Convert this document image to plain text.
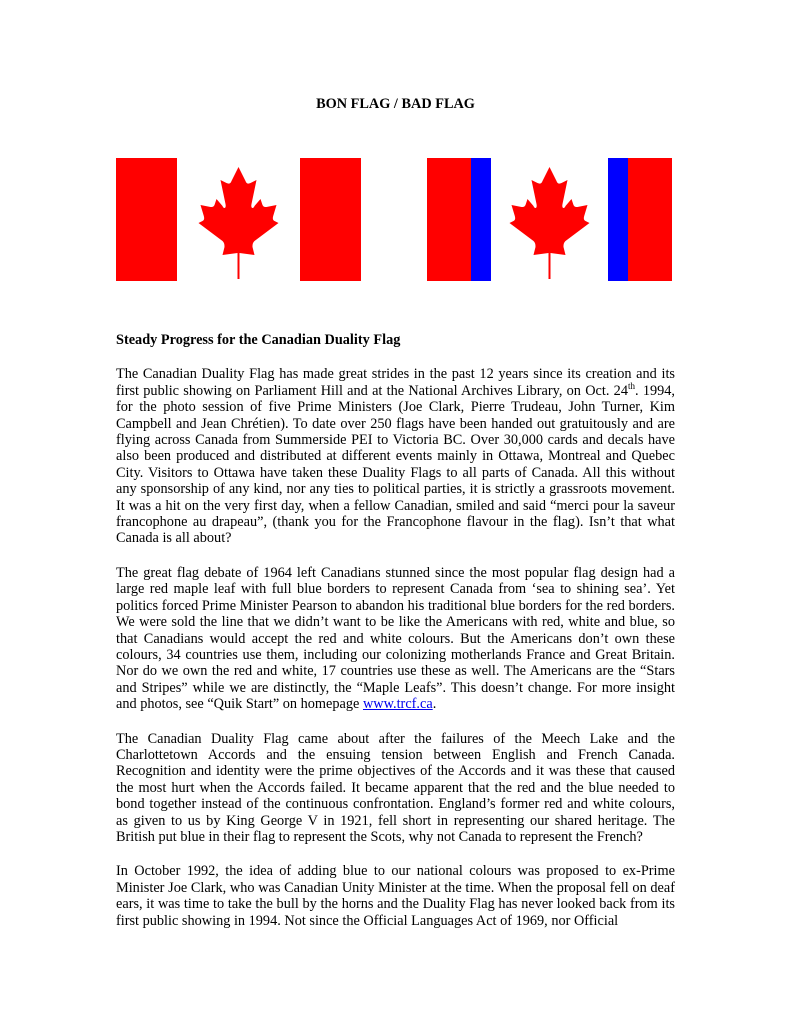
BON FLAG / BAD FLAG

Steady Progress for the Canadian Duality Flag

The Canadian Duality Flag has made great strides in the past 12 years since its creation and its first public showing on Parliament Hill and at the National Archives Library, on Oct. 24th. 1994, for the photo session of five Prime Ministers (Joe Clark, Pierre Trudeau, John Turner, Kim Campbell and Jean Chrétien). To date over 250 flags have been handed out gratuitously and are flying across Canada from Summerside PEI to Victoria BC. Over 30,000 cards and decals have also been produced and distributed at different events mainly in Ottawa, Montreal and Quebec City. Visitors to Ottawa have taken these Duality Flags to all parts of Canada. All this without any sponsorship of any kind, nor any ties to political parties, it is strictly a grassroots movement. It was a hit on the very first day, when a fellow Canadian, smiled and said “merci pour la saveur francophone au drapeau”, (thank you for the Francophone flavour in the flag). Isn’t that what Canada is all about?

The great flag debate of 1964 left Canadians stunned since the most popular flag design had a large red maple leaf with full blue borders to represent Canada from ‘sea to shining sea’. Yet politics forced Prime Minister Pearson to abandon his traditional blue borders for the red borders. We were sold the line that we didn’t want to be like the Americans with red, white and blue, so that Canadians would accept the red and white colours. But the Americans don’t own these colours, 34 countries use them, including our colonizing motherlands France and Great Britain. Nor do we own the red and white, 17 countries use these as well. The Americans are the “Stars and Stripes” while we are distinctly, the “Maple Leafs”. This doesn’t change. For more insight and photos, see “Quik Start” on homepage www.trcf.ca.

The Canadian Duality Flag came about after the failures of the Meech Lake and the Charlottetown Accords and the ensuing tension between English and French Canada. Recognition and identity were the prime objectives of the Accords and it was these that caused the most hurt when the Accords failed. It became apparent that the red and the blue needed to bond together instead of the continuous confrontation. England’s former red and white colours, as given to us by King George V in 1921, fell short in representing our shared heritage. The British put blue in their flag to represent the Scots, why not Canada to represent the French?

In October 1992, the idea of adding blue to our national colours was proposed to ex-Prime Minister Joe Clark, who was Canadian Unity Minister at the time. When the proposal fell on deaf ears, it was time to take the bull by the horns and the Duality Flag has never looked back from its first public showing in 1994. Not since the Official Languages Act of 1969, nor Official
